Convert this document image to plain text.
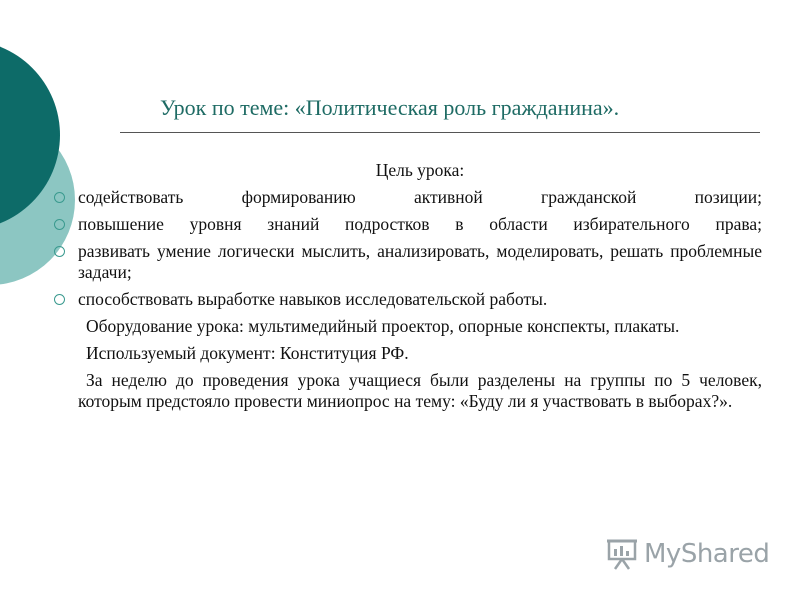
Урок по теме: «Политическая роль гражданина».
Цель урока:
содействовать формированию активной гражданской позиции;
повышение уровня знаний подростков в области избирательного права;
развивать умение логически мыслить, анализировать, моделировать, решать проблемные задачи;
способствовать выработке навыков исследовательской работы.
Оборудование урока: мультимедийный проектор, опорные конспекты, плакаты.
Используемый документ: Конституция РФ.
За неделю до проведения урока учащиеся были разделены на группы по 5 человек, которым предстояло провести миниопрос на тему: «Буду ли я участвовать в выборах?».
MyShared
